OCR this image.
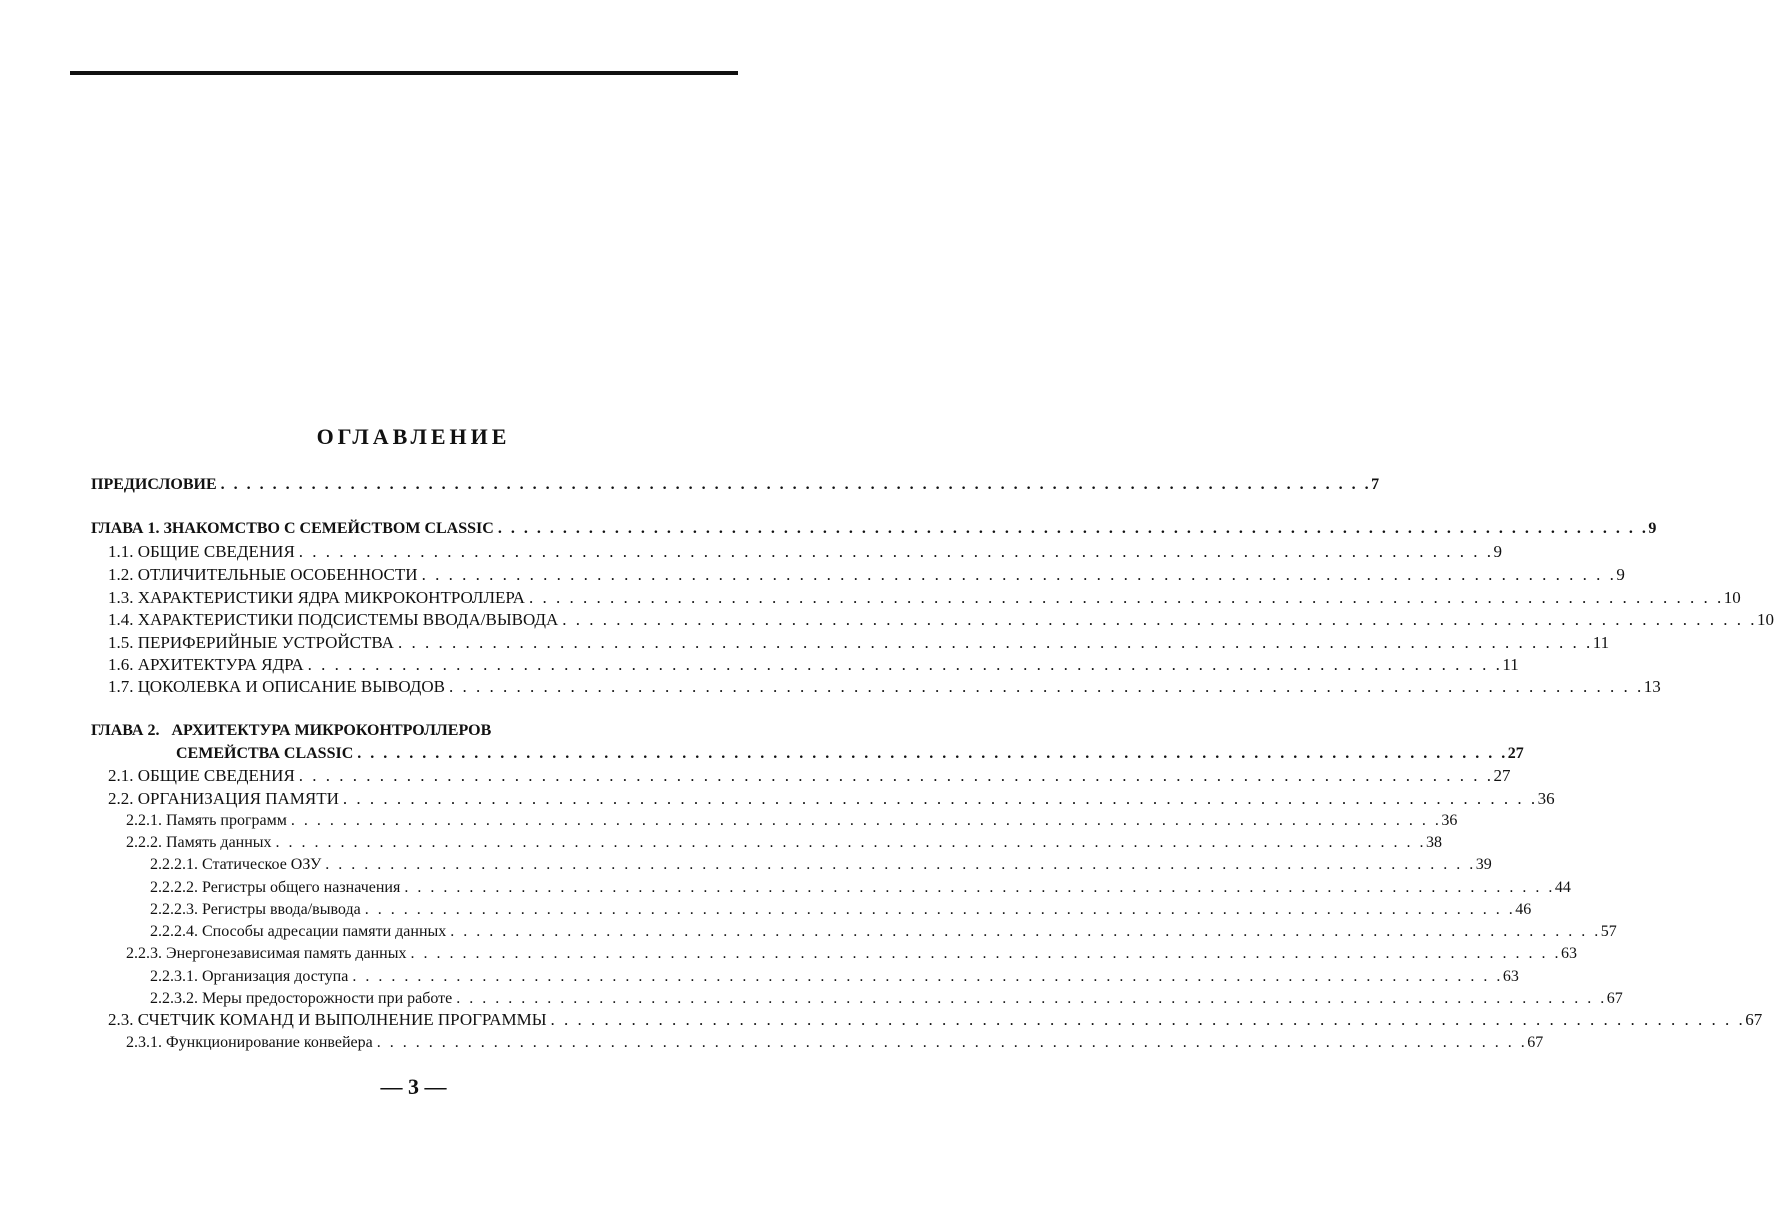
ОГЛАВЛЕНИЕ
ПРЕДИСЛОВИЕ . . . . . . . . . . . . . . . . . . . . . . . . . . . . . . . . . . . . . . . . . . . . . . . . . . . . . . . . . . . . . . . . . . . . . . . . . . . . . . . . . . . . . . . . . 7
ГЛАВА 1. ЗНАКОМСТВО С СЕМЕЙСТВОМ CLASSIC . . . . . . . . . . . . . . . . . . . . . . . . . . . . . . . . . . . . . . . . . . . . . . . . . . . . . . . . . . . . . . . . . . . . . . . . . . . . . . . . . . . . . . . . . 9
1.1. ОБЩИЕ СВЕДЕНИЯ . . . . . . . . . . . . . . . . . . . . . . . . . . . . . . . . . . . . . . . . . . . . . . . . . . . . . . . . . . . . . . . . . . . . . . . . . . . . . . . . . . . . . . . . . 9
1.2. ОТЛИЧИТЕЛЬНЫЕ ОСОБЕННОСТИ . . . . . . . . . . . . . . . . . . . . . . . . . . . . . . . . . . . . . . . . . . . . . . . . . . . . . . . . . . . . . . . . . . . . . . . . . . . . . . . . . . . . . . . . . 9
1.3. ХАРАКТЕРИСТИКИ ЯДРА МИКРОКОНТРОЛЛЕРА . . . . . . . . . . . . . . . . . . . . . . . . . . . . . . . . . . . . . . . . . . . . . . . . . . . . . . . . . . . . . . . . . . . . . . . . . . . . . . . . . . . . . . . . . 10
1.4. ХАРАКТЕРИСТИКИ ПОДСИСТЕМЫ ВВОДА/ВЫВОДА . . . . . . . . . . . . . . . . . . . . . . . . . . . . . . . . . . . . . . . . . . . . . . . . . . . . . . . . . . . . . . . . . . . . . . . . . . . . . . . . . . . . . . . . . 10
1.5. ПЕРИФЕРИЙНЫЕ УСТРОЙСТВА . . . . . . . . . . . . . . . . . . . . . . . . . . . . . . . . . . . . . . . . . . . . . . . . . . . . . . . . . . . . . . . . . . . . . . . . . . . . . . . . . . . . . . . . . 11
1.6. АРХИТЕКТУРА ЯДРА . . . . . . . . . . . . . . . . . . . . . . . . . . . . . . . . . . . . . . . . . . . . . . . . . . . . . . . . . . . . . . . . . . . . . . . . . . . . . . . . . . . . . . . . . 11
1.7. ЦОКОЛЕВКА И ОПИСАНИЕ ВЫВОДОВ . . . . . . . . . . . . . . . . . . . . . . . . . . . . . . . . . . . . . . . . . . . . . . . . . . . . . . . . . . . . . . . . . . . . . . . . . . . . . . . . . . . . . . . . . 13
ГЛАВА 2.   АРХИТЕКТУРА МИКРОКОНТРОЛЛЕРОВ
СЕМЕЙСТВА CLASSIC . . . . . . . . . . . . . . . . . . . . . . . . . . . . . . . . . . . . . . . . . . . . . . . . . . . . . . . . . . . . . . . . . . . . . . . . . . . . . . . . . . . . . . . . . 27
2.1. ОБЩИЕ СВЕДЕНИЯ . . . . . . . . . . . . . . . . . . . . . . . . . . . . . . . . . . . . . . . . . . . . . . . . . . . . . . . . . . . . . . . . . . . . . . . . . . . . . . . . . . . . . . . . . 27
2.2. ОРГАНИЗАЦИЯ ПАМЯТИ . . . . . . . . . . . . . . . . . . . . . . . . . . . . . . . . . . . . . . . . . . . . . . . . . . . . . . . . . . . . . . . . . . . . . . . . . . . . . . . . . . . . . . . . . 36
2.2.1. Память программ . . . . . . . . . . . . . . . . . . . . . . . . . . . . . . . . . . . . . . . . . . . . . . . . . . . . . . . . . . . . . . . . . . . . . . . . . . . . . . . . . . . . . . . . . 36
2.2.2. Память данных . . . . . . . . . . . . . . . . . . . . . . . . . . . . . . . . . . . . . . . . . . . . . . . . . . . . . . . . . . . . . . . . . . . . . . . . . . . . . . . . . . . . . . . . . 38
2.2.2.1. Статическое ОЗУ . . . . . . . . . . . . . . . . . . . . . . . . . . . . . . . . . . . . . . . . . . . . . . . . . . . . . . . . . . . . . . . . . . . . . . . . . . . . . . . . . . . . . . . . . 39
2.2.2.2. Регистры общего назначения . . . . . . . . . . . . . . . . . . . . . . . . . . . . . . . . . . . . . . . . . . . . . . . . . . . . . . . . . . . . . . . . . . . . . . . . . . . . . . . . . . . . . . . . . 44
2.2.2.3. Регистры ввода/вывода . . . . . . . . . . . . . . . . . . . . . . . . . . . . . . . . . . . . . . . . . . . . . . . . . . . . . . . . . . . . . . . . . . . . . . . . . . . . . . . . . . . . . . . . . 46
2.2.2.4. Способы адресации памяти данных . . . . . . . . . . . . . . . . . . . . . . . . . . . . . . . . . . . . . . . . . . . . . . . . . . . . . . . . . . . . . . . . . . . . . . . . . . . . . . . . . . . . . . . . . 57
2.2.3. Энергонезависимая память данных . . . . . . . . . . . . . . . . . . . . . . . . . . . . . . . . . . . . . . . . . . . . . . . . . . . . . . . . . . . . . . . . . . . . . . . . . . . . . . . . . . . . . . . . . 63
2.2.3.1. Организация доступа . . . . . . . . . . . . . . . . . . . . . . . . . . . . . . . . . . . . . . . . . . . . . . . . . . . . . . . . . . . . . . . . . . . . . . . . . . . . . . . . . . . . . . . . . 63
2.2.3.2. Меры предосторожности при работе . . . . . . . . . . . . . . . . . . . . . . . . . . . . . . . . . . . . . . . . . . . . . . . . . . . . . . . . . . . . . . . . . . . . . . . . . . . . . . . . . . . . . . . . . 67
2.3. СЧЕТЧИК КОМАНД И ВЫПОЛНЕНИЕ ПРОГРАММЫ . . . . . . . . . . . . . . . . . . . . . . . . . . . . . . . . . . . . . . . . . . . . . . . . . . . . . . . . . . . . . . . . . . . . . . . . . . . . . . . . . . . . . . . . . 67
2.3.1. Функционирование конвейера . . . . . . . . . . . . . . . . . . . . . . . . . . . . . . . . . . . . . . . . . . . . . . . . . . . . . . . . . . . . . . . . . . . . . . . . . . . . . . . . . . . . . . . . . 67
— 3 —
